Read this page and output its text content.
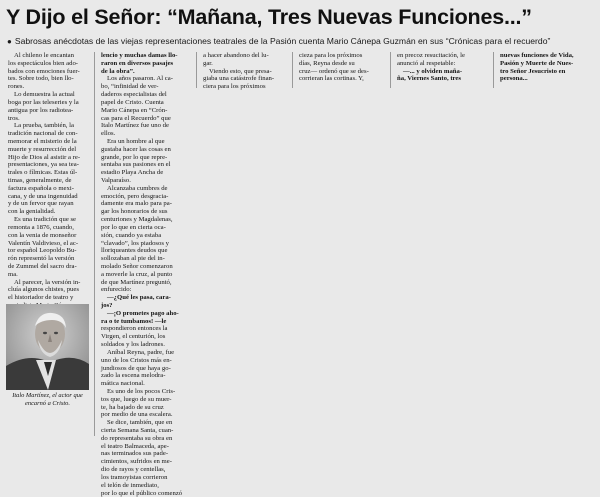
Y Dijo el Señor: “Mañana, Tres Nuevas Funciones...”
● Sabrosas anécdotas de las viejas representaciones teatrales de la Pasión cuenta Mario Cánepa Guzmán en sus “Crónicas para el recuerdo”
Al chileno le encantan
los espectáculos bien ado-
bados con emociones fuer-
tes. Sobre todo, bien llo-
rones.
Lo demuestra la actual
boga por las teleseries y la
antigua por los radiotea-
tros.
La prueba, también, la
tradición nacional de con-
memorar el misterio de la
muerte y resurrección del
Hijo de Dios al asistir a re-
presentaciones, ya sea tea-
trales o fílmicas. Estas úl-
timas, generalmente, de
factura española o mexi-
cana, y de una ingenuidad
y de un fervor que rayan
con la genialidad.
Es una tradición que se
remonta a 1876, cuando,
con la venia de monseñor
Valentín Valdivieso, el ac-
tor español Leopoldo Bu-
rón representó la versión
de Zummel del sacro dra-
ma.
Al parecer, la versión in-
cluía algunos chistes, pues
el historiador de teatro y
Italo Martínez, el actor que encarnó a Cristo.
lencio y muchas damas llo-
raron en diversos pasajes
de la obra”.
Los años pasaron. Al ca-
bo, “infinidad de ver-
daderos especialistas del
papel de Cristo. Cuenta
Mario Cánepa en “Crón-
cas para el Recuerdo” que
Italo Martínez fue uno de
ellos.
Era un hombre al que
gustaba hacer las cosas en
grande, por lo que repre-
sentaba sus pasiones en el
estadio Playa Ancha de
Valparaíso.
Alcanzaba cumbres de
emoción, pero desgracia-
damente era malo para pa-
gar los honorarios de sus
centuriones y Magdalenas,
por lo que en cierta oca-
sión, cuando ya estaba
“clavado”, los piadosos y
lloriqueantes deudos que
sollozaban al pie del in-
molado Señor comenzaron
a moverle la cruz, al punto
de que Martínez preguntó,
enfurecido:
—¿Qué les pasa, cara-
jos?
—¡O prometes pago aho-
ra o te tumbamos! —le
respondieron entonces la
Virgen, el centurión, los
soldados y los ladrones.
Aníbal Reyna, padre, fue
uno de los Cristos más en-
jundiosos de que haya go-
zado la escena melodra-
mática nacional.
Es uno de los pocos Cris-
tos que, luego de su muer-
te, ha bajado de su cruz
por medio de una escalera.
Se dice, también, que en
cierta Semana Santa, cuan-
do representaba su obra en
el teatro Balmaceda, ape-
nas terminados sus pade-
cimientos, sufridos en me-
dio de rayos y centellas,
los tramoyistas corrieron
el telón de inmediato,
por lo que el público comenzó
a hacer abandono del lu-
gar.
Viendo esto, que presa-
giaba una catástrofe finan-
ciera para los próximos
cieza para los próximos
días, Reyna desde su
cruz— ordenó que se des-
corrieran las cortinas. Y,
en precoz resucitación, le
anunció al respetable:
—... y olviden maña-
ña, Viernes Santo, tres
nuevas funciones de Vida,
Pasión y Muerte de Nues-
tro Señor Jesucristo en
persona...
